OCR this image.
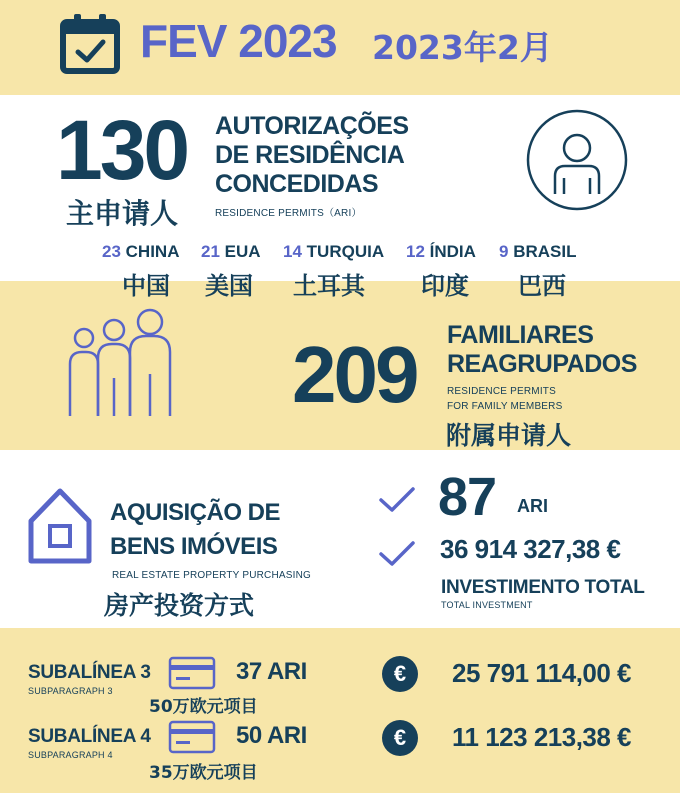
FEV 2023 2023年2月
130 AUTORIZAÇÕES
DE RESIDÊNCIA
CONCEDIDAS
RESIDENCE PERMITS（ARI）
主申请人
23 CHINA 21 EUA 14 TURQUIA 12 ÍNDIA 9 BRASIL
中国 美国 土耳其 印度 巴西
209 FAMILIARES
REAGRUPADOS
RESIDENCE PERMITS
FOR FAMILY MEMBERS
附属申请人
AQUISIÇÃO DE
BENS IMÓVEIS
REAL ESTATE PROPERTY PURCHASING
房产投资方式
87 ARI
36 914 327,38 €
INVESTIMENTO TOTAL
TOTAL INVESTMENT
SUBALÍNEA 3
SUBPARAGRAPH 3
37 ARI
50万欧元项目
€	25 791 114,00 €
SUBALÍNEA 4
SUBPARAGRAPH 4
50 ARI
35万欧元项目
€	11 123 213,38 €
